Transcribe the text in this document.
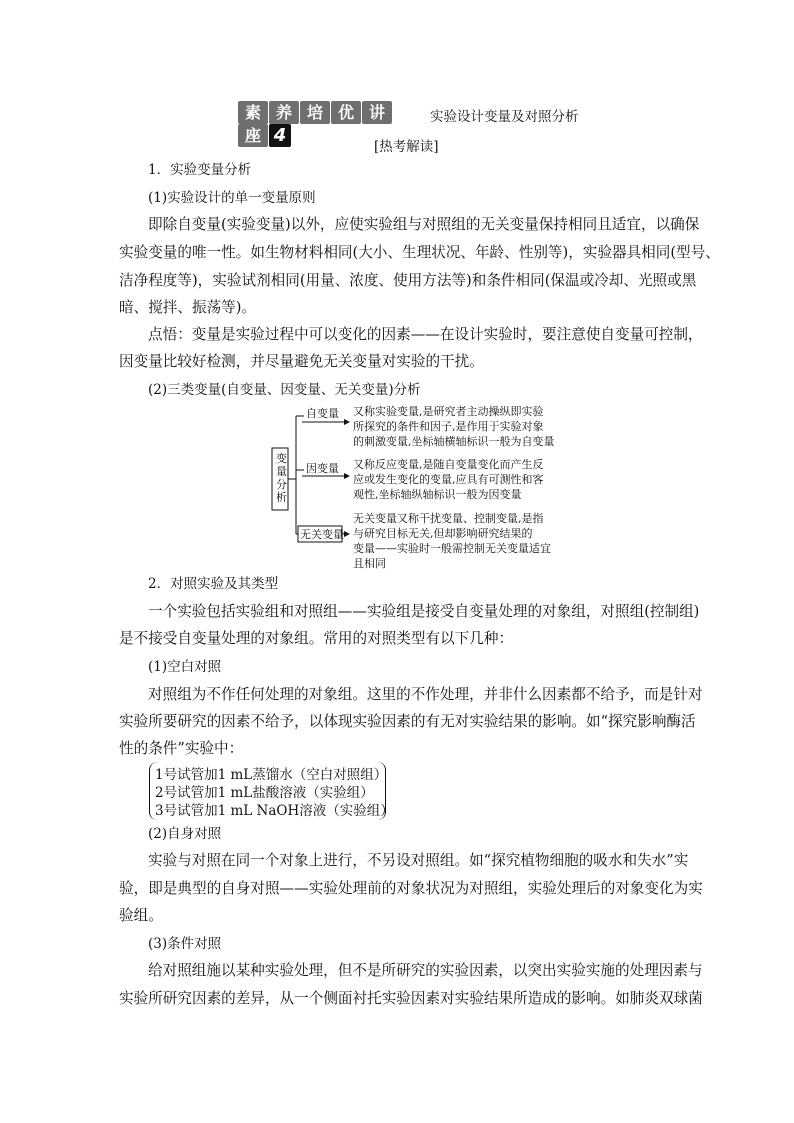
素 养 培 优 讲座 4
实验设计变量及对照分析
[热考解读]
1．实验变量分析
(1)实验设计的单一变量原则
即除自变量(实验变量)以外，应使实验组与对照组的无关变量保持相同且适宜，以确保
实验变量的唯一性。如生物材料相同(大小、生理状况、年龄、性别等)，实验器具相同(型号、
洁净程度等)，实验试剂相同(用量、浓度、使用方法等)和条件相同(保温或冷却、光照或黑
暗、搅拌、振荡等)。
点悟：变量是实验过程中可以变化的因素——在设计实验时，要注意使自变量可控制，
因变量比较好检测，并尽量避免无关变量对实验的干扰。
(2)三类变量(自变量、因变量、无关变量)分析
变
量
分
析
自变量 又称实验变量,是研究者主动操纵即实验
所探究的条件和因子,是作用于实验对象
的刺激变量,坐标轴横轴标识一般为自变量
因变量 又称反应变量,是随自变量变化而产生反
应或发生变化的变量,应具有可测性和客
观性,坐标轴纵轴标识一般为因变量
无关变量
无关变量又称干扰变量、控制变量,是指
与研究目标无关,但却影响研究结果的
变量——实验时一般需控制无关变量适宜
且相同
2．对照实验及其类型
一个实验包括实验组和对照组——实验组是接受自变量处理的对象组，对照组(控制组)
是不接受自变量处理的对象组。常用的对照类型有以下几种：
(1)空白对照
对照组为不作任何处理的对象组。这里的不作处理，并非什么因素都不给予，而是针对
实验所要研究的因素不给予，以体现实验因素的有无对实验结果的影响。如“探究影响酶活
性的条件”实验中：
1号试管加1 mL蒸馏水（空白对照组）
2号试管加1 mL盐酸溶液（实验组）
3号试管加1 mL NaOH溶液（实验组）
(2)自身对照
实验与对照在同一个对象上进行，不另设对照组。如“探究植物细胞的吸水和失水”实
验，即是典型的自身对照——实验处理前的对象状况为对照组，实验处理后的对象变化为实
验组。
(3)条件对照
给对照组施以某种实验处理，但不是所研究的实验因素，以突出实验实施的处理因素与
实验所研究因素的差异，从一个侧面衬托实验因素对实验结果所造成的影响。如肺炎双球菌
